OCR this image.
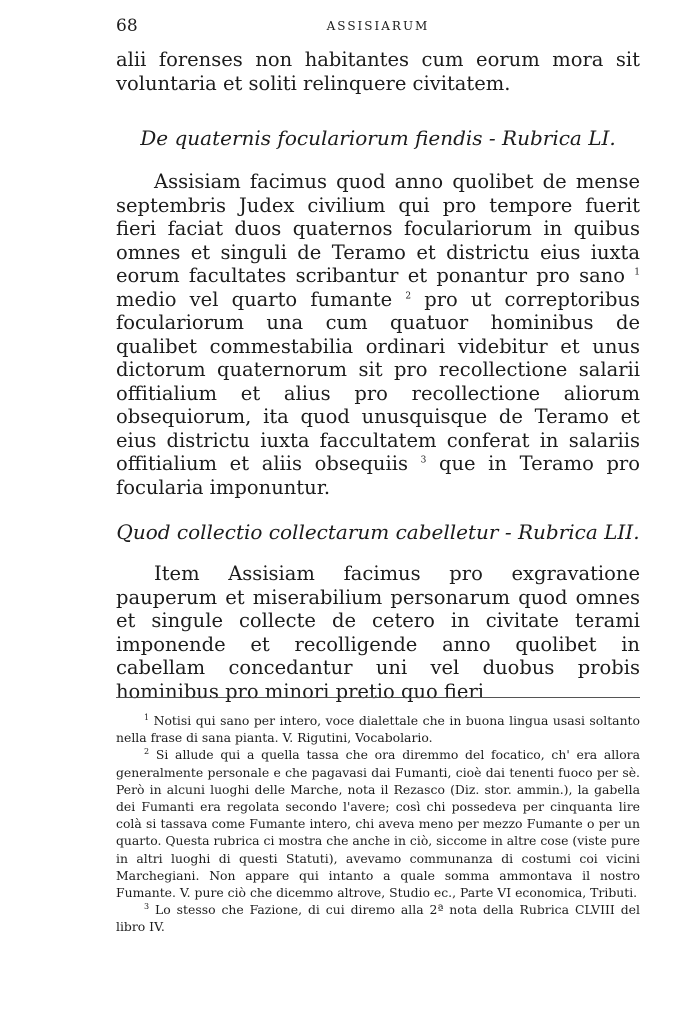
68	ASSISIARUM

alii forenses non habitantes cum eorum mora sit voluntaria et soliti relinquere civitatem.

De quaternis foculariorum fiendis - Rubrica LI.

Assisiam facimus quod anno quolibet de mense septembris Judex civilium qui pro tempore fuerit fieri faciat duos quaternos foculariorum in quibus omnes et singuli de Teramo et districtu eius iuxta eorum facultates scribantur et ponantur pro sano $^1$ medio vel quarto fumante $^2$ pro ut correptoribus foculariorum una cum quatuor hominibus de qualibet commestabilia ordinari videbitur et unus dictorum quaternorum sit pro recollectione salarii offitialium et alius pro recollectione aliorum obsequiorum, ita quod unusquisque de Teramo et eius districtu iuxta faccultatem conferat in salariis offitialium et aliis obsequiis $^3$ que in Teramo pro focularia imponuntur.

Quod collectio collectarum cabelletur - Rubrica LII.

Item Assisiam facimus pro exgravatione pauperum et miserabilium personarum quod omnes et singule collecte de cetero in civitate terami imponende et recolligende anno quolibet in cabellam concedantur uni vel duobus probis hominibus pro minori pretio quo fieri

$^1$ Notisi qui sano per intero, voce dialettale che in buona lingua usasi soltanto nella frase di sana pianta. V. Rigutini, Vocabolario.

$^2$ Si allude qui a quella tassa che ora diremmo del focatico, ch' era allora generalmente personale e che pagavasi dai Fumanti, cioè dai tenenti fuoco per sè. Però in alcuni luoghi delle Marche, nota il Rezasco (Diz. stor. ammin.), la gabella dei Fumanti era regolata secondo l'avere; così chi possedeva per cinquanta lire colà si tassava come Fumante intero, chi aveva meno per mezzo Fumante o per un quarto. Questa rubrica ci mostra che anche in ciò, siccome in altre cose (viste pure in altri luoghi di questi Statuti), avevamo communanza di costumi coi vicini Marchegiani. Non appare qui intanto a quale somma ammontava il nostro Fumante. V. pure ciò che dicemmo altrove, Studio ec., Parte VI economica, Tributi.

$^3$ Lo stesso che Fazione, di cui diremo alla 2ª nota della Rubrica CLVIII del libro IV.
